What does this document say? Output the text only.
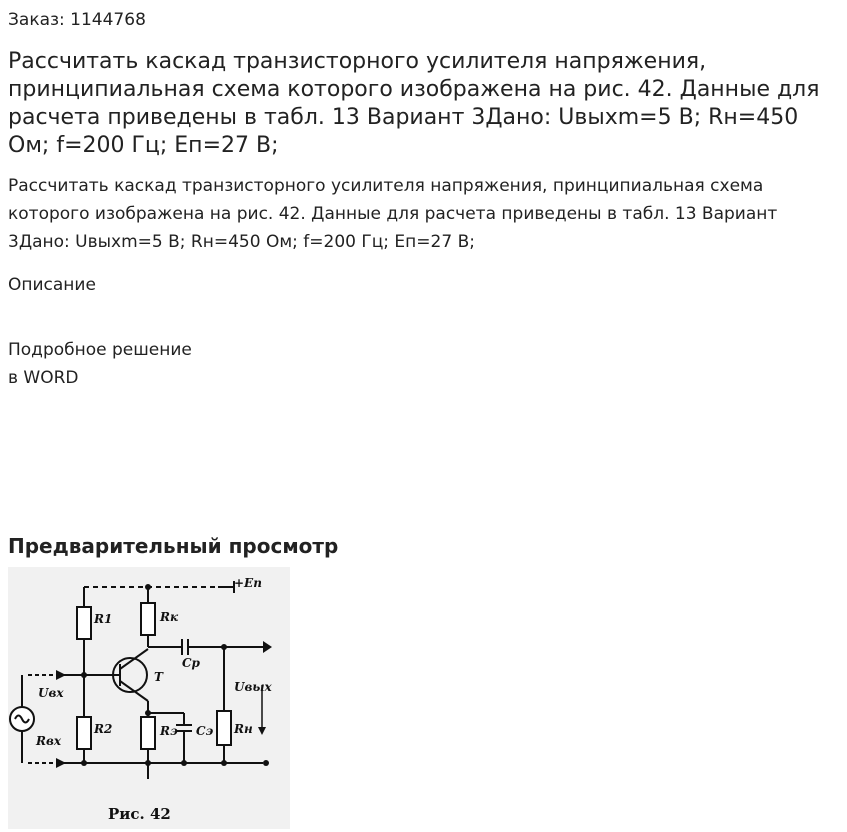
Заказ: 1144768
Рассчитать каскад транзисторного усилителя напряжения, принципиальная схема которого изображена на рис. 42. Данные для расчета приведены в табл. 13 Вариант 3Дано: Uвыхm=5 В; Rн=450 Ом; f=200 Гц; Eп=27 В;

Рассчитать каскад транзисторного усилителя напряжения, принципиальная схема которого изображена на рис. 42. Данные для расчета приведены в табл. 13 Вариант 3Дано: Uвыхm=5 В; Rн=450 Ом; f=200 Гц; Eп=27 В;

Описание
Подробное решение
в WORD
Предварительный просмотр
+Eп
R1	Rк
Cр
T
Uвх	Uвых
Rвх
R2	Rэ Cэ Rн
Рис. 42
